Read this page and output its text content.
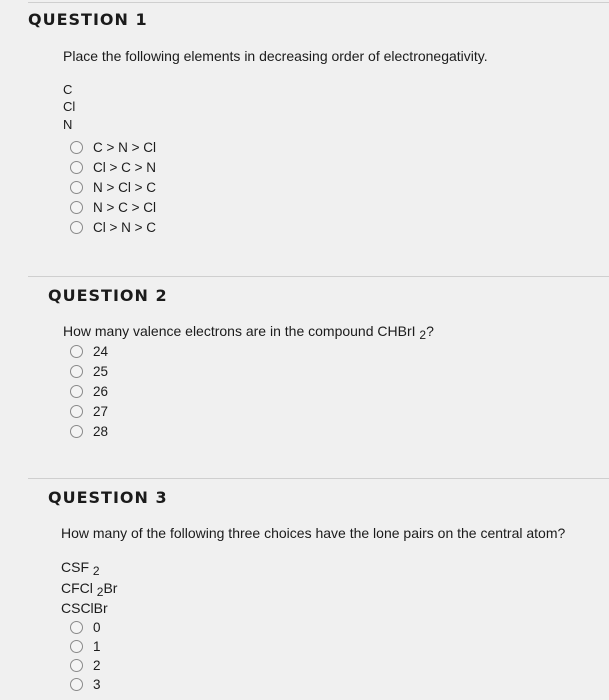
QUESTION 1
Place the following elements in decreasing order of electronegativity.
C
Cl
N
C > N > Cl
Cl > C > N
N > Cl > C
N > C > Cl
Cl > N > C
QUESTION 2
How many valence electrons are in the compound CHBrI $_2$?
24
25
26
27
28
QUESTION 3
How many of the following three choices have the lone pairs on the central atom?
CSF $_2$
CFCl $_2$Br
CSClBr
0
1
2
3
